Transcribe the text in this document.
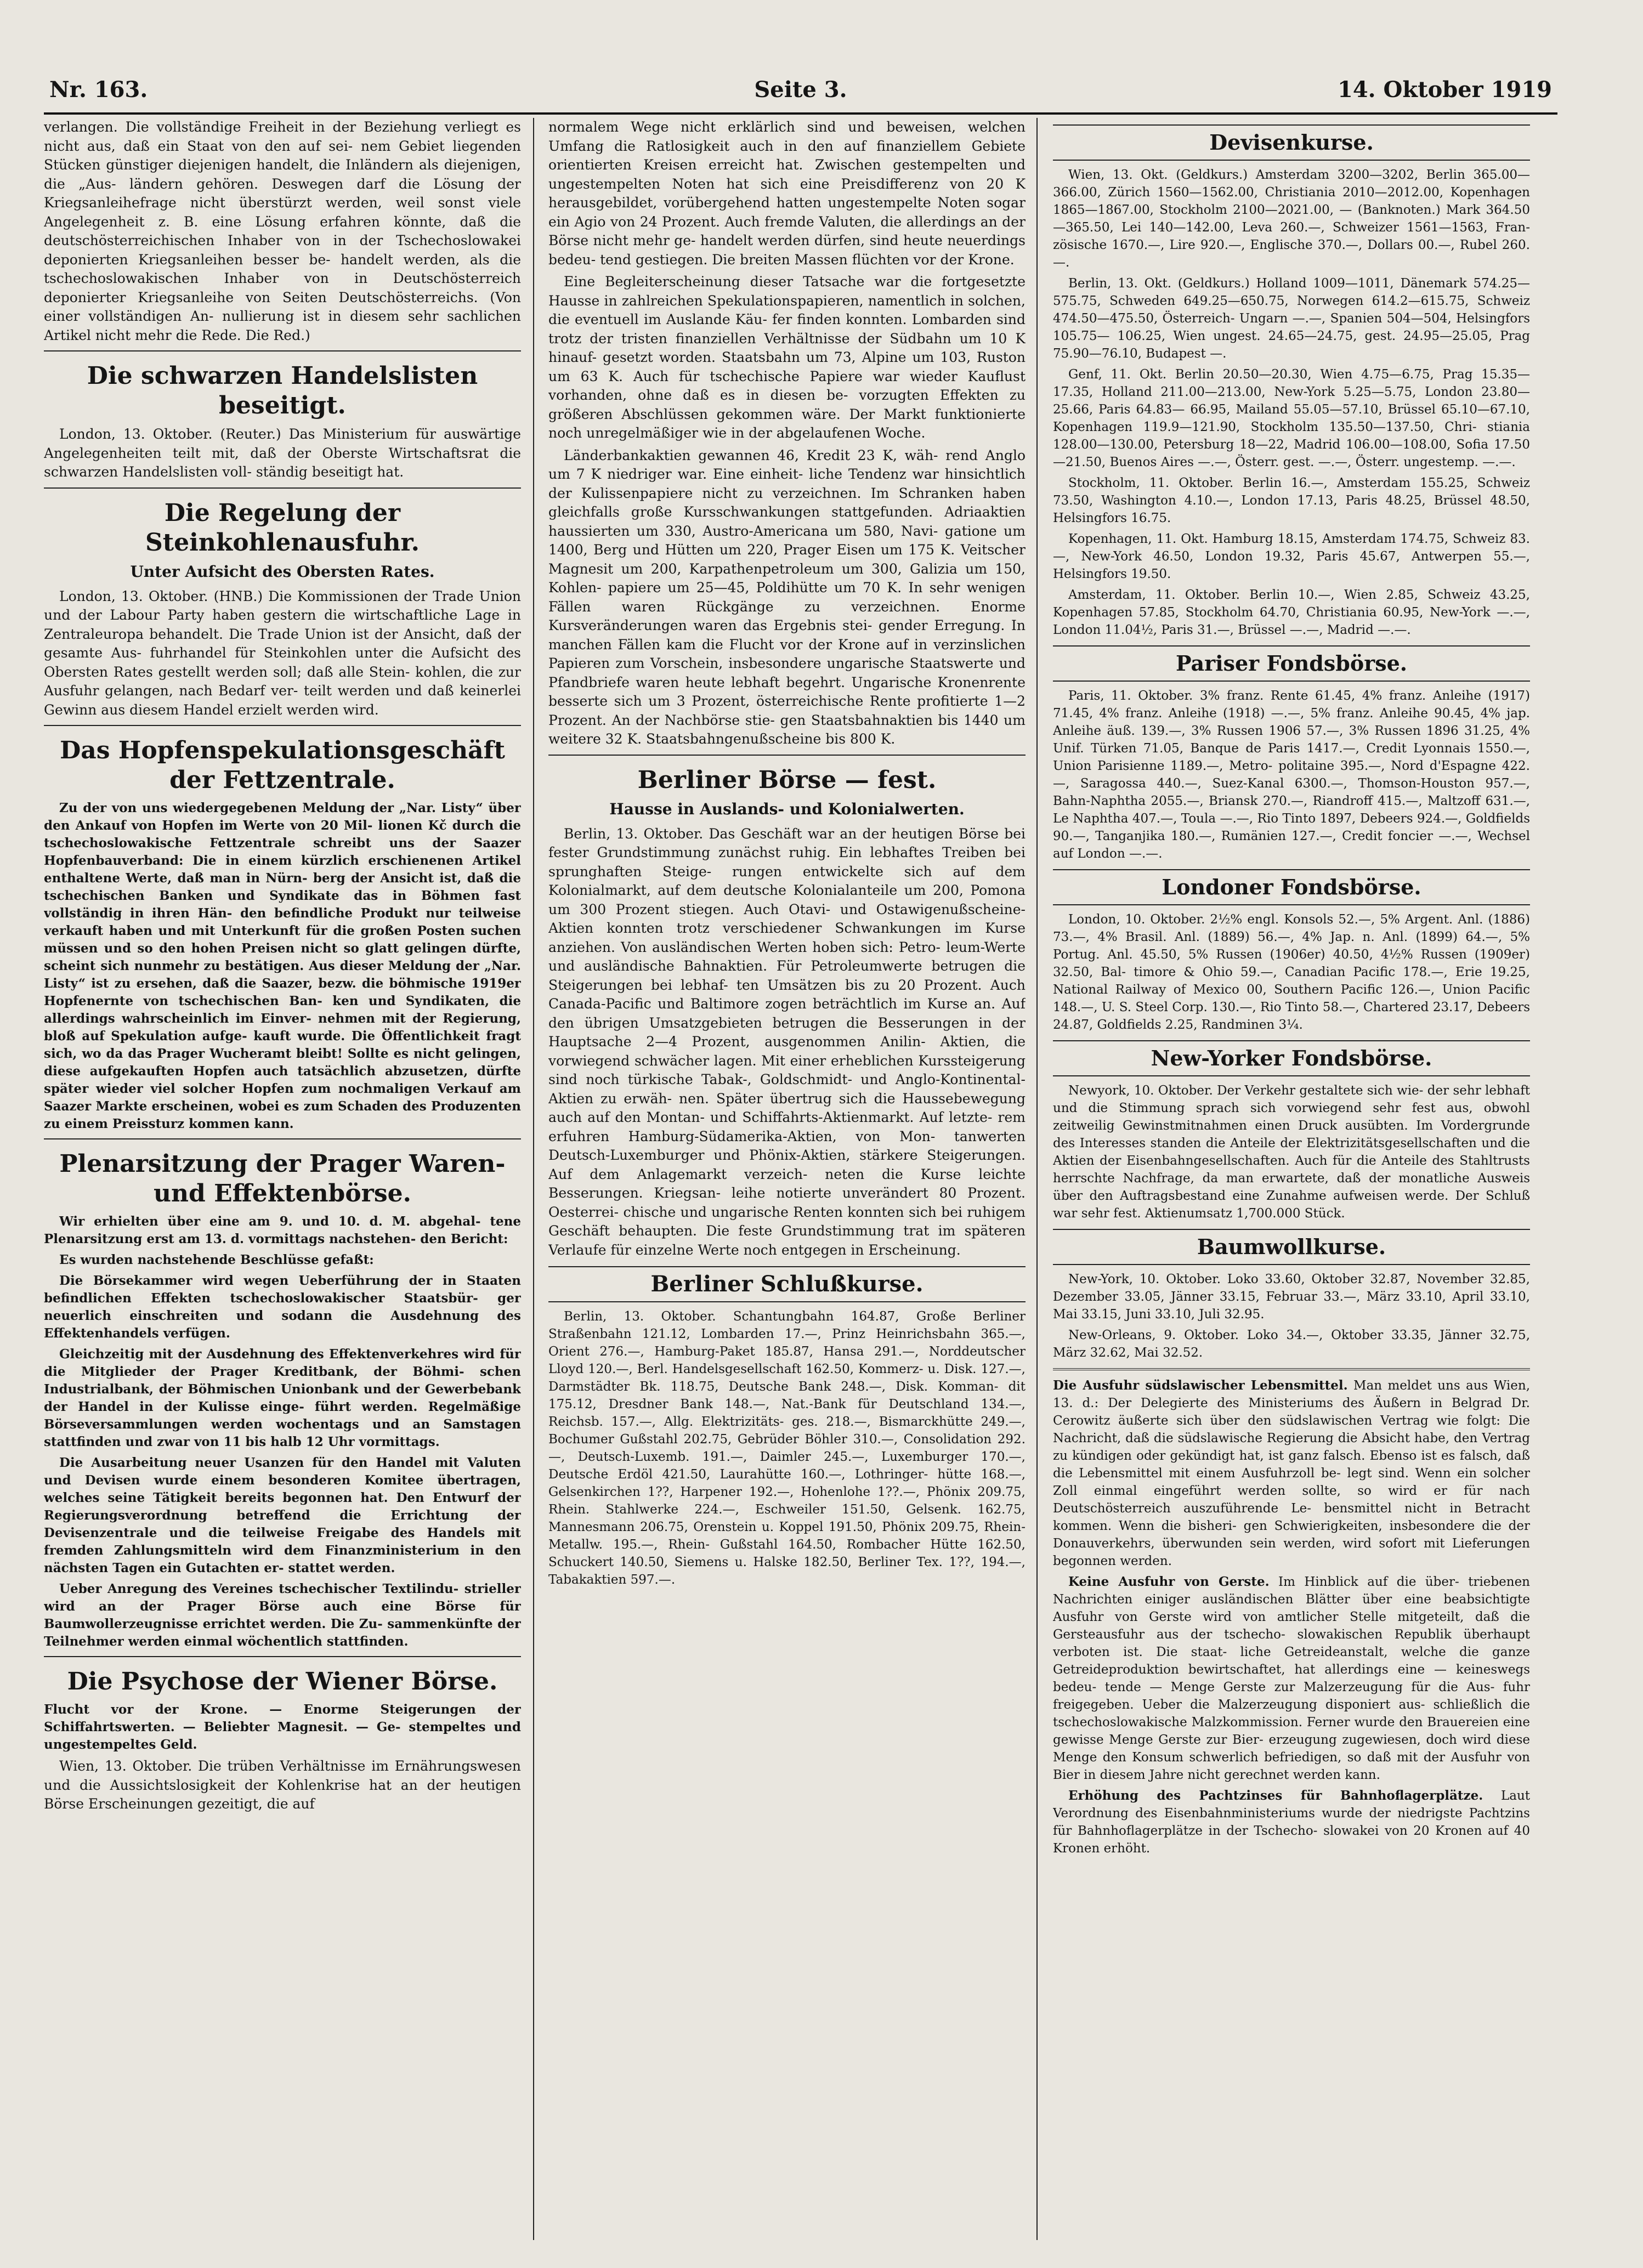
Nr. 163.	Seite 3.	14. Oktober 1919

verlangen. Die vollständige Freiheit in der Beziehung verliegt es nicht aus, daß ein Staat von den auf sei- nem Gebiet liegenden Stücken günstiger diejenigen handelt, die Inländern als diejenigen, die „Aus- ländern gehören. Deswegen darf die Lösung der Kriegsanleihefrage nicht überstürzt werden, weil sonst viele Angelegenheit z. B. eine Lösung erfahren könnte, daß die deutschösterreichischen Inhaber von in der Tschechoslowakei deponierten Kriegsanleihen besser be- handelt werden, als die tschechoslowakischen Inhaber von in Deutschösterreich deponierter Kriegsanleihe von Seiten Deutschösterreichs. (Von einer vollständigen An- nullierung ist in diesem sehr sachlichen Artikel nicht mehr die Rede. Die Red.)

Die schwarzen Handelslisten beseitigt.

London, 13. Oktober. (Reuter.) Das Ministerium für auswärtige Angelegenheiten teilt mit, daß der Oberste Wirtschaftsrat die schwarzen Handelslisten voll- ständig beseitigt hat.

Die Regelung der Steinkohlenausfuhr.
Unter Aufsicht des Obersten Rates.

London, 13. Oktober. (HNB.) Die Kommissionen der Trade Union und der Labour Party haben gestern die wirtschaftliche Lage in Zentraleuropa behandelt. Die Trade Union ist der Ansicht, daß der gesamte Aus- fuhrhandel für Steinkohlen unter die Aufsicht des Obersten Rates gestellt werden soll; daß alle Stein- kohlen, die zur Ausfuhr gelangen, nach Bedarf ver- teilt werden und daß keinerlei Gewinn aus diesem Handel erzielt werden wird.

Das Hopfenspekulationsgeschäft der Fettzentrale.

Zu der von uns wiedergegebenen Meldung der „Nar. Listy“ über den Ankauf von Hopfen im Werte von 20 Mil- lionen Kč durch die tschechoslowakische Fettzentrale schreibt uns der Saazer Hopfenbauverband: Die in einem kürzlich erschienenen Artikel enthaltene Werte, daß man in Nürn- berg der Ansicht ist, daß die tschechischen Banken und Syndikate das in Böhmen fast vollständig in ihren Hän- den befindliche Produkt nur teilweise verkauft haben und mit Unterkunft für die großen Posten suchen müssen und so den hohen Preisen nicht so glatt gelingen dürfte, scheint sich nunmehr zu bestätigen. Aus dieser Meldung der „Nar. Listy“ ist zu ersehen, daß die Saazer, bezw. die böhmische 1919er Hopfenernte von tschechischen Ban- ken und Syndikaten, die allerdings wahrscheinlich im Einver- nehmen mit der Regierung, bloß auf Spekulation aufge- kauft wurde. Die Öffentlichkeit fragt sich, wo da das Prager Wucheramt bleibt! Sollte es nicht gelingen, diese aufgekauften Hopfen auch tatsächlich abzusetzen, dürfte später wieder viel solcher Hopfen zum nochmaligen Verkauf am Saazer Markte erscheinen, wobei es zum Schaden des Produzenten zu einem Preissturz kommen kann.

Plenarsitzung der Prager Waren- und Effektenbörse.

Wir erhielten über eine am 9. und 10. d. M. abgehal- tene Plenarsitzung erst am 13. d. vormittags nachstehen- den Bericht:

Es wurden nachstehende Beschlüsse gefaßt:

Die Börsekammer wird wegen Ueberführung der in Staaten befindlichen Effekten tschechoslowakischer Staatsbür- ger neuerlich einschreiten und sodann die Ausdehnung des Effektenhandels verfügen.

Gleichzeitig mit der Ausdehnung des Effektenverkehres wird für die Mitglieder der Prager Kreditbank, der Böhmi- schen Industrialbank, der Böhmischen Unionbank und der Gewerbebank der Handel in der Kulisse einge- führt werden. Regelmäßige Börseversammlungen werden wochentags und an Samstagen stattfinden und zwar von 11 bis halb 12 Uhr vormittags.

Die Ausarbeitung neuer Usanzen für den Handel mit Valuten und Devisen wurde einem besonderen Komitee übertragen, welches seine Tätigkeit bereits begonnen hat. Den Entwurf der Regierungsverordnung betreffend die Errichtung der Devisenzentrale und die teilweise Freigabe des Handels mit fremden Zahlungsmitteln wird dem Finanzministerium in den nächsten Tagen ein Gutachten er- stattet werden.

Ueber Anregung des Vereines tschechischer Textilindu- strieller wird an der Prager Börse auch eine Börse für Baumwollerzeugnisse errichtet werden. Die Zu- sammenkünfte der Teilnehmer werden einmal wöchentlich stattfinden.

Die Psychose der Wiener Börse.

Flucht vor der Krone. — Enorme Steigerungen der Schiffahrtswerten. — Beliebter Magnesit. — Ge- stempeltes und ungestempeltes Geld.

Wien, 13. Oktober. Die trüben Verhältnisse im Ernährungswesen und die Aussichtslosigkeit der Kohlenkrise hat an der heutigen Börse Erscheinungen gezeitigt, die auf

normalem Wege nicht erklärlich sind und beweisen, welchen Umfang die Ratlosigkeit auch in den auf finanziellem Gebiete orientierten Kreisen erreicht hat. Zwischen gestempelten und ungestempelten Noten hat sich eine Preisdifferenz von 20 K herausgebildet, vorübergehend hatten ungestempelte Noten sogar ein Agio von 24 Prozent. Auch fremde Valuten, die allerdings an der Börse nicht mehr ge- handelt werden dürfen, sind heute neuerdings bedeu- tend gestiegen. Die breiten Massen flüchten vor der Krone.

Eine Begleiterscheinung dieser Tatsache war die fortgesetzte Hausse in zahlreichen Spekulationspapieren, namentlich in solchen, die eventuell im Auslande Käu- fer finden konnten. Lombarden sind trotz der tristen finanziellen Verhältnisse der Südbahn um 10 K hinauf- gesetzt worden. Staatsbahn um 73, Alpine um 103, Ruston um 63 K. Auch für tschechische Papiere war wieder Kauflust vorhanden, ohne daß es in diesen be- vorzugten Effekten zu größeren Abschlüssen gekommen wäre. Der Markt funktionierte noch unregelmäßiger wie in der abgelaufenen Woche.

Länderbankaktien gewannen 46, Kredit 23 K, wäh- rend Anglo um 7 K niedriger war. Eine einheit- liche Tendenz war hinsichtlich der Kulissenpapiere nicht zu verzeichnen. Im Schranken haben gleichfalls große Kursschwankungen stattgefunden. Adriaaktien haussierten um 330, Austro-Americana um 580, Navi- gatione um 1400, Berg und Hütten um 220, Prager Eisen um 175 K. Veitscher Magnesit um 200, Karpathenpetroleum um 300, Galizia um 150, Kohlen- papiere um 25—45, Poldihütte um 70 K. In sehr wenigen Fällen waren Rückgänge zu verzeichnen. Enorme Kursveränderungen waren das Ergebnis stei- gender Erregung. In manchen Fällen kam die Flucht vor der Krone auf in verzinslichen Papieren zum Vorschein, insbesondere ungarische Staatswerte und Pfandbriefe waren heute lebhaft begehrt. Ungarische Kronenrente besserte sich um 3 Prozent, österreichische Rente profitierte 1—2 Prozent. An der Nachbörse stie- gen Staatsbahnaktien bis 1440 um weitere 32 K. Staatsbahngenußscheine bis 800 K.

Berliner Börse — fest.
Hausse in Auslands- und Kolonialwerten.

Berlin, 13. Oktober. Das Geschäft war an der heutigen Börse bei fester Grundstimmung zunächst ruhig. Ein lebhaftes Treiben bei sprunghaften Steige- rungen entwickelte sich auf dem Kolonialmarkt, auf dem deutsche Kolonialanteile um 200, Pomona um 300 Prozent stiegen. Auch Otavi- und Ostawigenußscheine-Aktien konnten trotz verschiedener Schwankungen im Kurse anziehen. Von ausländischen Werten hoben sich: Petro- leum-Werte und ausländische Bahnaktien. Für Petroleumwerte betrugen die Steigerungen bei lebhaf- ten Umsätzen bis zu 20 Prozent. Auch Canada-Pacific und Baltimore zogen beträchtlich im Kurse an. Auf den übrigen Umsatzgebieten betrugen die Besserungen in der Hauptsache 2—4 Prozent, ausgenommen Anilin- Aktien, die vorwiegend schwächer lagen. Mit einer erheblichen Kurssteigerung sind noch türkische Tabak-, Goldschmidt- und Anglo-Kontinental-Aktien zu erwäh- nen. Später übertrug sich die Haussebewegung auch auf den Montan- und Schiffahrts-Aktienmarkt. Auf letzte- rem erfuhren Hamburg-Südamerika-Aktien, von Mon- tanwerten Deutsch-Luxemburger und Phönix-Aktien, stärkere Steigerungen. Auf dem Anlagemarkt verzeich- neten die Kurse leichte Besserungen. Kriegsan- leihe notierte unverändert 80 Prozent. Oesterrei- chische und ungarische Renten konnten sich bei ruhigem Geschäft behaupten. Die feste Grundstimmung trat im späteren Verlaufe für einzelne Werte noch entgegen in Erscheinung.

Berliner Schlußkurse.

Berlin, 13. Oktober. Schantungbahn 164.87, Große Berliner Straßenbahn 121.12, Lombarden 17.—, Prinz Heinrichsbahn 365.—, Orient 276.—, Hamburg-Paket 185.87, Hansa 291.—, Norddeutscher Lloyd 120.—, Berl. Handelsgesellschaft 162.50, Kommerz- u. Disk. 127.—, Darmstädter Bk. 118.75, Deutsche Bank 248.—, Disk. Komman- dit 175.12, Dresdner Bank 148.—, Nat.-Bank für Deutschland 134.—, Reichsb. 157.—, Allg. Elektrizitäts- ges. 218.—, Bismarckhütte 249.—, Bochumer Gußstahl 202.75, Gebrüder Böhler 310.—, Consolidation 292.—, Deutsch-Luxemb. 191.—, Daimler 245.—, Luxemburger 170.—, Deutsche Erdöl 421.50, Laurahütte 160.—, Lothringer- hütte 168.—, Gelsenkirchen 1??, Harpener 192.—, Hohenlohe 1??.—, Phönix 209.75, Rhein. Stahlwerke 224.—, Eschweiler 151.50, Gelsenk. 162.75, Mannesmann 206.75, Orenstein u. Koppel 191.50, Phönix 209.75, Rhein-Metallw. 195.—, Rhein- Gußstahl 164.50, Rombacher Hütte 162.50, Schuckert 140.50, Siemens u. Halske 182.50, Berliner Tex. 1??, 194.—, Tabakaktien 597.—.

Devisenkurse.

Wien, 13. Okt. (Geldkurs.) Amsterdam 3200—3202, Berlin 365.00—366.00, Zürich 1560—1562.00, Christiania 2010—2012.00, Kopenhagen 1865—1867.00, Stockholm 2100—2021.00, — (Banknoten.) Mark 364.50—365.50, Lei 140—142.00, Leva 260.—, Schweizer 1561—1563, Fran- zösische 1670.—, Lire 920.—, Englische 370.—, Dollars 00.—, Rubel 260.—.

Berlin, 13. Okt. (Geldkurs.) Holland 1009—1011, Dänemark 574.25—575.75, Schweden 649.25—650.75, Norwegen 614.2—615.75, Schweiz 474.50—475.50, Österreich- Ungarn —.—, Spanien 504—504, Helsingfors 105.75— 106.25, Wien ungest. 24.65—24.75, gest. 24.95—25.05, Prag 75.90—76.10, Budapest —.

Genf, 11. Okt. Berlin 20.50—20.30, Wien 4.75—6.75, Prag 15.35—17.35, Holland 211.00—213.00, New-York 5.25—5.75, London 23.80—25.66, Paris 64.83— 66.95, Mailand 55.05—57.10, Brüssel 65.10—67.10, Kopenhagen 119.9—121.90, Stockholm 135.50—137.50, Chri- stiania 128.00—130.00, Petersburg 18—22, Madrid 106.00—108.00, Sofia 17.50—21.50, Buenos Aires —.—, Österr. gest. —.—, Österr. ungestemp. —.—.

Stockholm, 11. Oktober. Berlin 16.—, Amsterdam 155.25, Schweiz 73.50, Washington 4.10.—, London 17.13, Paris 48.25, Brüssel 48.50, Helsingfors 16.75.

Kopenhagen, 11. Okt. Hamburg 18.15, Amsterdam 174.75, Schweiz 83.—, New-York 46.50, London 19.32, Paris 45.67, Antwerpen 55.—, Helsingfors 19.50.

Amsterdam, 11. Oktober. Berlin 10.—, Wien 2.85, Schweiz 43.25, Kopenhagen 57.85, Stockholm 64.70, Christiania 60.95, New-York —.—, London 11.04½, Paris 31.—, Brüssel —.—, Madrid —.—.

Pariser Fondsbörse.

Paris, 11. Oktober. 3% franz. Rente 61.45, 4% franz. Anleihe (1917) 71.45, 4% franz. Anleihe (1918) —.—, 5% franz. Anleihe 90.45, 4% jap. Anleihe äuß. 139.—, 3% Russen 1906 57.—, 3% Russen 1896 31.25, 4% Unif. Türken 71.05, Banque de Paris 1417.—, Credit Lyonnais 1550.—, Union Parisienne 1189.—, Metro- politaine 395.—, Nord d'Espagne 422.—, Saragossa 440.—, Suez-Kanal 6300.—, Thomson-Houston 957.—, Bahn-Naphtha 2055.—, Briansk 270.—, Riandroff 415.—, Maltzoff 631.—, Le Naphtha 407.—, Toula —.—, Rio Tinto 1897, Debeers 924.—, Goldfields 90.—, Tanganjika 180.—, Rumänien 127.—, Credit foncier —.—, Wechsel auf London —.—.

Londoner Fondsbörse.

London, 10. Oktober. 2½% engl. Konsols 52.—, 5% Argent. Anl. (1886) 73.—, 4% Brasil. Anl. (1889) 56.—, 4% Jap. n. Anl. (1899) 64.—, 5% Portug. Anl. 45.50, 5% Russen (1906er) 40.50, 4½% Russen (1909er) 32.50, Bal- timore & Ohio 59.—, Canadian Pacific 178.—, Erie 19.25, National Railway of Mexico 00, Southern Pacific 126.—, Union Pacific 148.—, U. S. Steel Corp. 130.—, Rio Tinto 58.—, Chartered 23.17, Debeers 24.87, Goldfields 2.25, Randminen 3¼.

New-Yorker Fondsbörse.

Newyork, 10. Oktober. Der Verkehr gestaltete sich wie- der sehr lebhaft und die Stimmung sprach sich vorwiegend sehr fest aus, obwohl zeitweilig Gewinstmitnahmen einen Druck ausübten. Im Vordergrunde des Interesses standen die Anteile der Elektrizitätsgesellschaften und die Aktien der Eisenbahngesellschaften. Auch für die Anteile des Stahltrusts herrschte Nachfrage, da man erwartete, daß der monatliche Ausweis über den Auftragsbestand eine Zunahme aufweisen werde. Der Schluß war sehr fest. Aktienumsatz 1,700.000 Stück.

Baumwollkurse.

New-York, 10. Oktober. Loko 33.60, Oktober 32.87, November 32.85, Dezember 33.05, Jänner 33.15, Februar 33.—, März 33.10, April 33.10, Mai 33.15, Juni 33.10, Juli 32.95.

New-Orleans, 9. Oktober. Loko 34.—, Oktober 33.35, Jänner 32.75, März 32.62, Mai 32.52.

Die Ausfuhr südslawischer Lebensmittel. Man meldet uns aus Wien, 13. d.: Der Delegierte des Ministeriums des Äußern in Belgrad Dr. Cerowitz äußerte sich über den südslawischen Vertrag wie folgt: Die Nachricht, daß die südslawische Regierung die Absicht habe, den Vertrag zu kündigen oder gekündigt hat, ist ganz falsch. Ebenso ist es falsch, daß die Lebensmittel mit einem Ausfuhrzoll be- legt sind. Wenn ein solcher Zoll einmal eingeführt werden sollte, so wird er für nach Deutschösterreich auszuführende Le- bensmittel nicht in Betracht kommen. Wenn die bisheri- gen Schwierigkeiten, insbesondere die der Donauverkehrs, überwunden sein werden, wird sofort mit Lieferungen begonnen werden.

Keine Ausfuhr von Gerste. Im Hinblick auf die über- triebenen Nachrichten einiger ausländischen Blätter über eine beabsichtigte Ausfuhr von Gerste wird von amtlicher Stelle mitgeteilt, daß die Gersteausfuhr aus der tschecho- slowakischen Republik überhaupt verboten ist. Die staat- liche Getreideanstalt, welche die ganze Getreideproduktion bewirtschaftet, hat allerdings eine — keineswegs bedeu- tende — Menge Gerste zur Malzerzeugung für die Aus- fuhr freigegeben. Ueber die Malzerzeugung disponiert aus- schließlich die tschechoslowakische Malzkommission. Ferner wurde den Brauereien eine gewisse Menge Gerste zur Bier- erzeugung zugewiesen, doch wird diese Menge den Konsum schwerlich befriedigen, so daß mit der Ausfuhr von Bier in diesem Jahre nicht gerechnet werden kann.

Erhöhung des Pachtzinses für Bahnhoflagerplätze. Laut Verordnung des Eisenbahnministeriums wurde der niedrigste Pachtzins für Bahnhoflagerplätze in der Tschecho- slowakei von 20 Kronen auf 40 Kronen erhöht.
